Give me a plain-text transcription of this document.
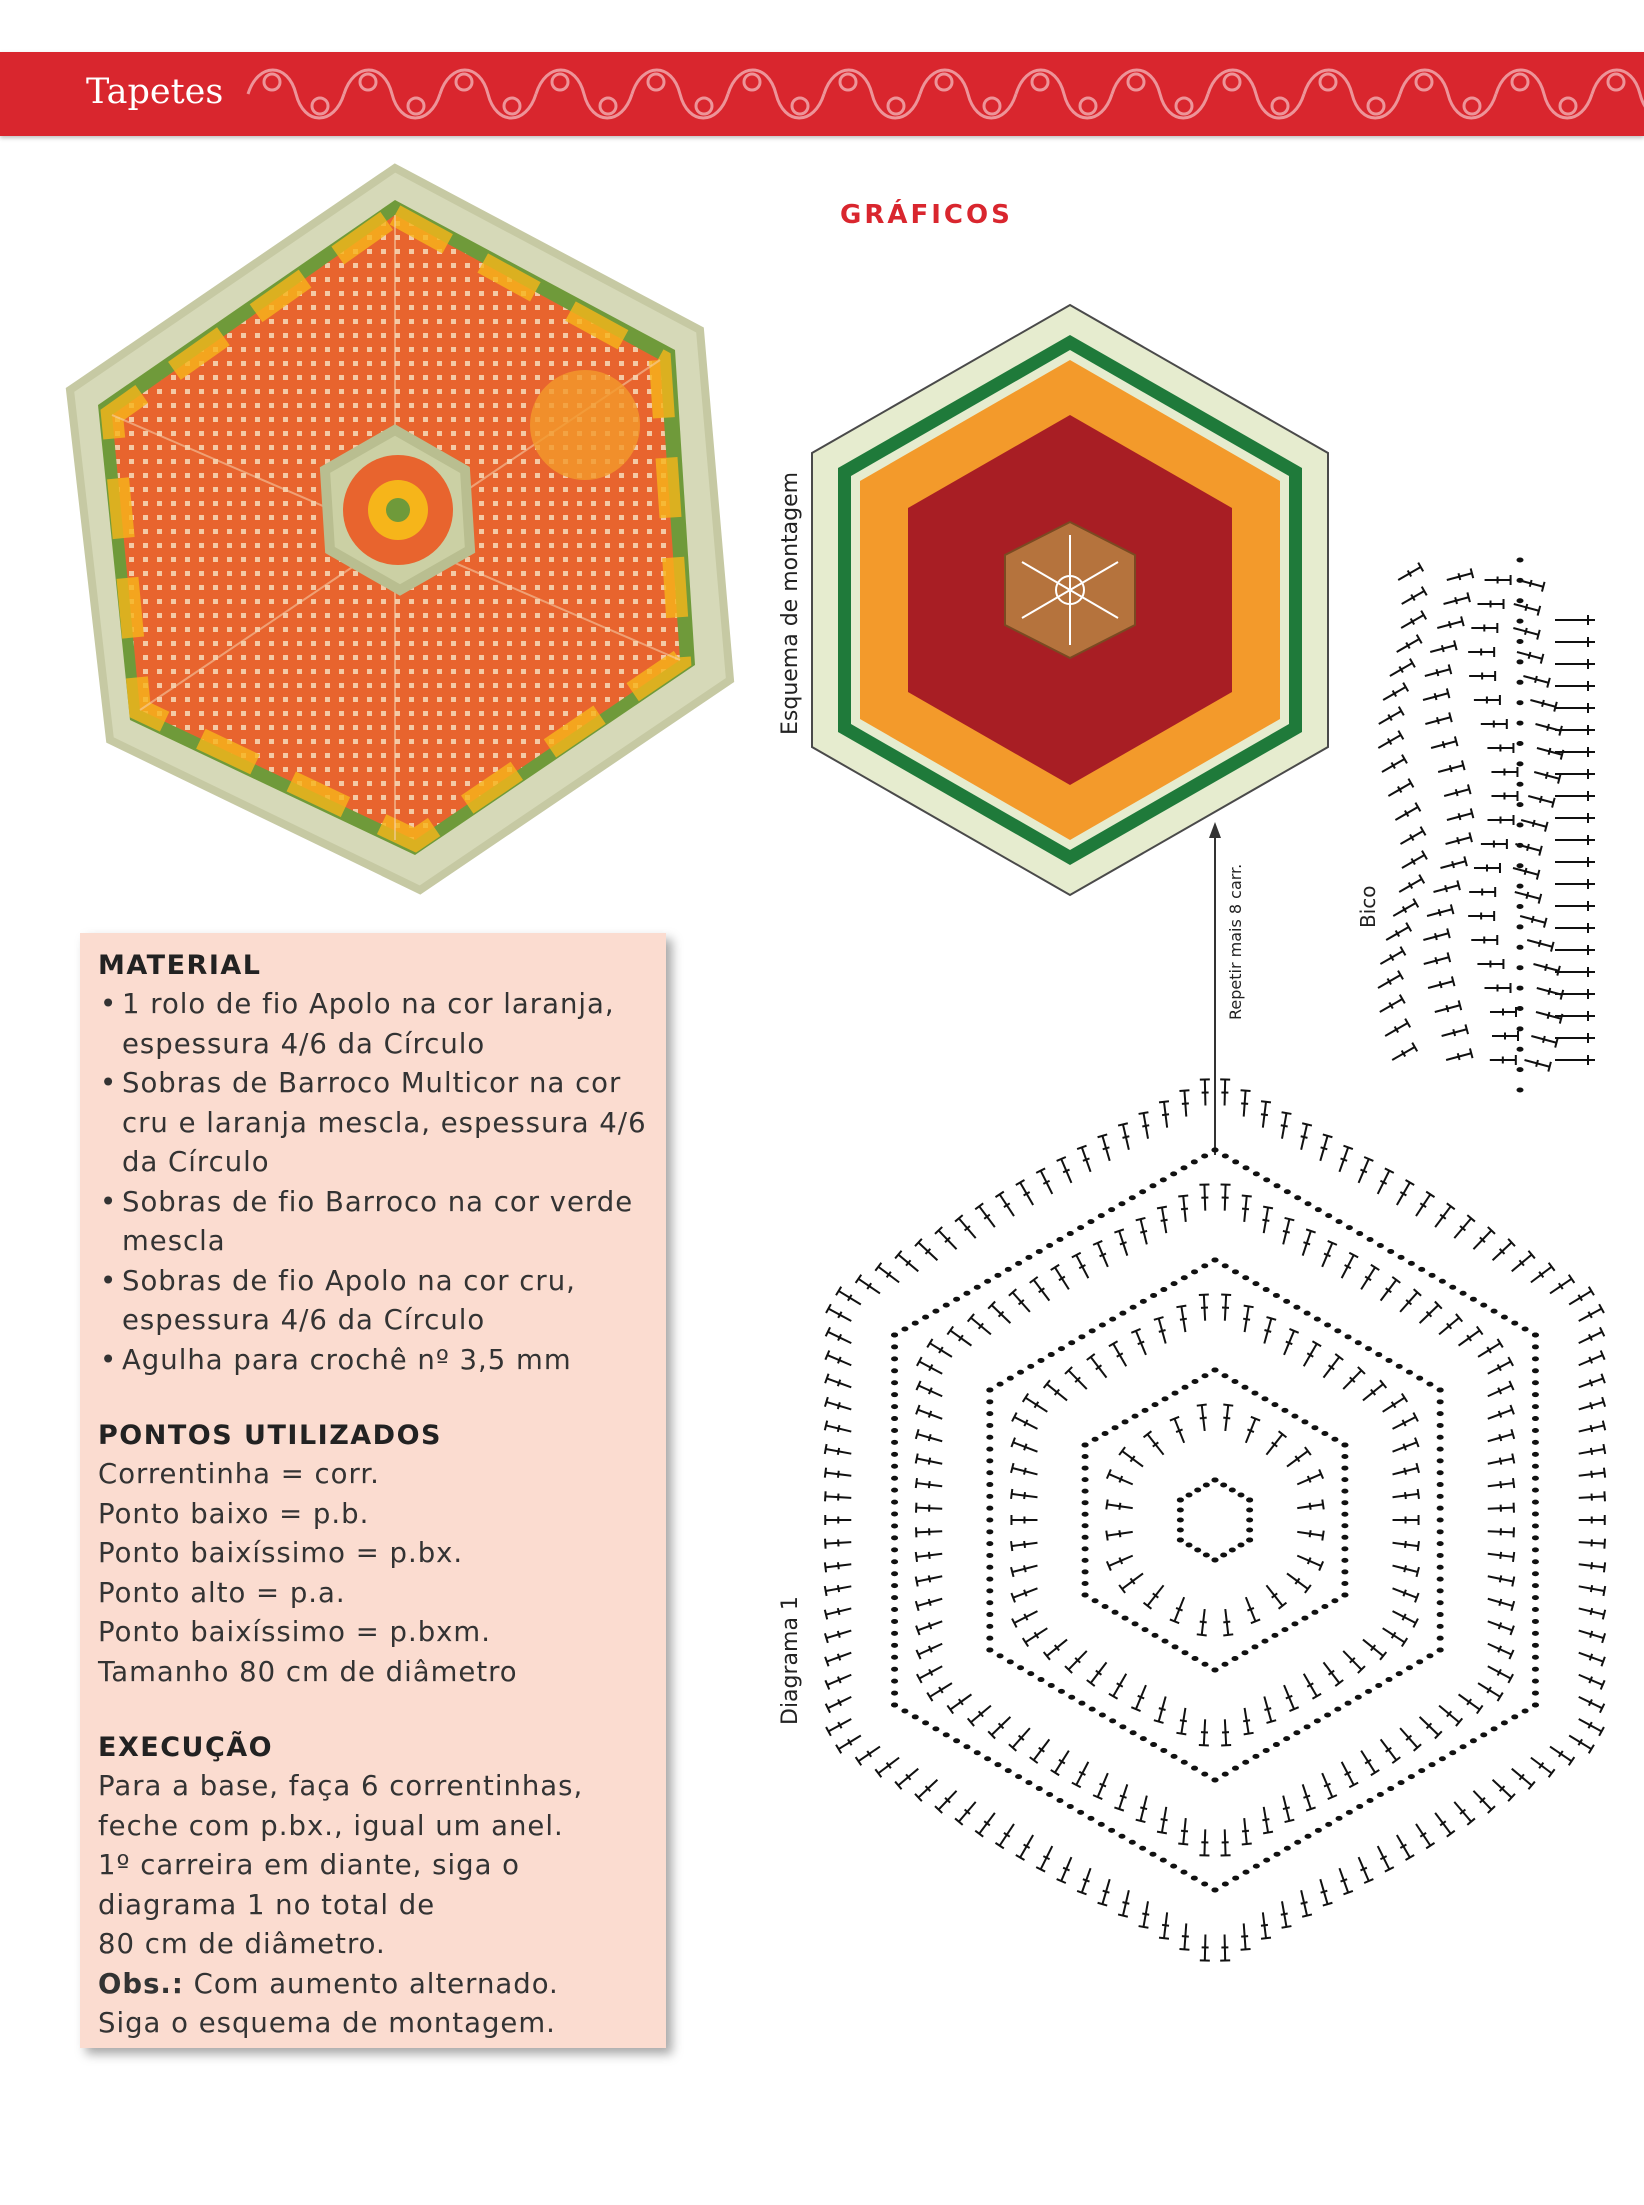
Tapetes
GRÁFICOS
Esquema de montagem
Repetir mais 8 carr.	Bico
Diagrama 1
MATERIAL
• 1 rolo de fio Apolo na cor laranja, espessura 4/6 da Círculo
• Sobras de Barroco Multicor na cor cru e laranja mescla, espessura 4/6 da Círculo
• Sobras de fio Barroco na cor verde mescla
• Sobras de fio Apolo na cor cru, espessura 4/6 da Círculo
• Agulha para crochê nº 3,5 mm
PONTOS UTILIZADOS
Correntinha = corr.
Ponto baixo = p.b.
Ponto baixíssimo = p.bx.
Ponto alto = p.a.
Ponto baixíssimo = p.bxm.
Tamanho 80 cm de diâmetro
EXECUÇÃO
Para a base, faça 6 correntinhas,
feche com p.bx., igual um anel.
1º carreira em diante, siga o
diagrama 1 no total de
80 cm de diâmetro.
Obs.: Com aumento alternado.
Siga o esquema de montagem.
